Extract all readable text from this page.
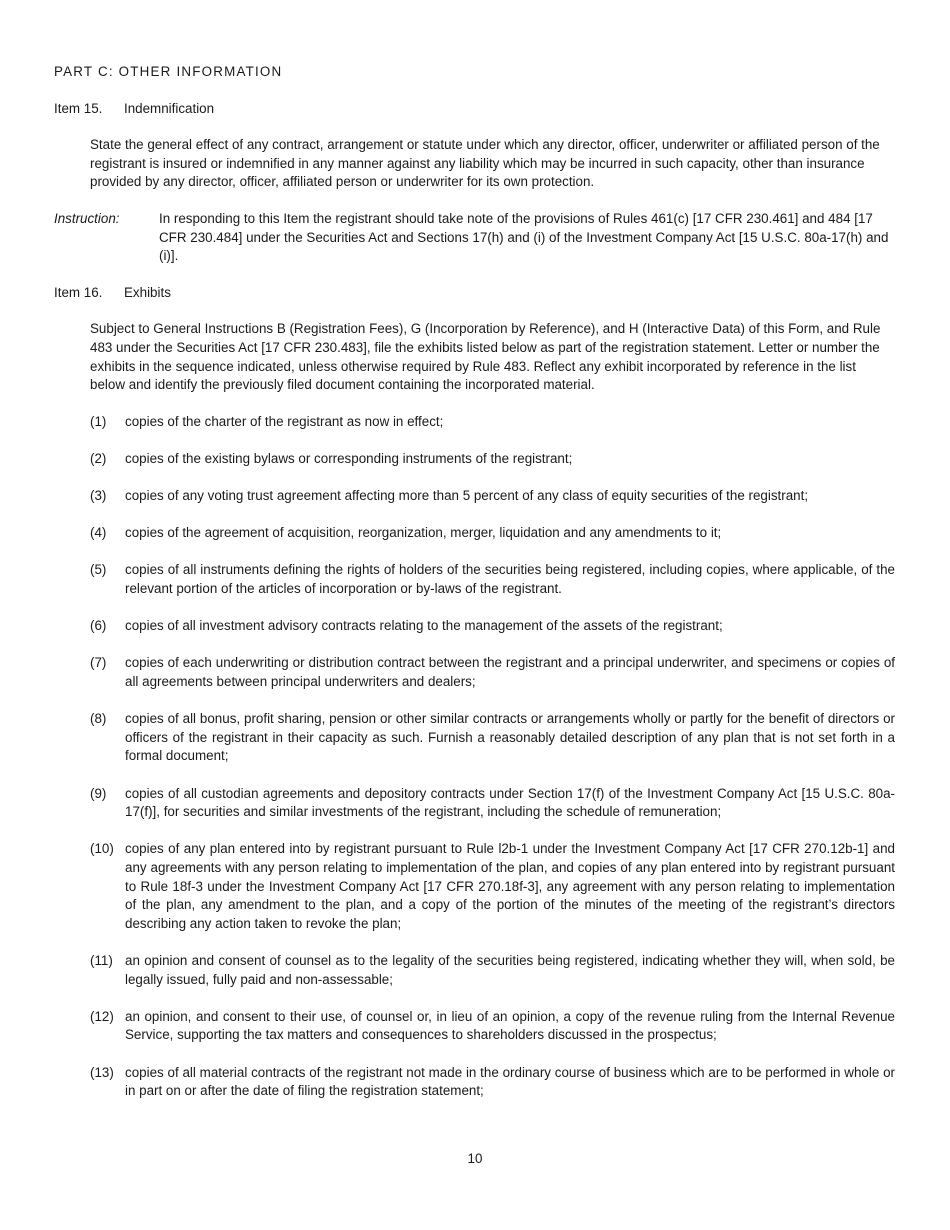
PART C: OTHER INFORMATION
Item 15. Indemnification
State the general effect of any contract, arrangement or statute under which any director, officer, underwriter or affiliated person of the registrant is insured or indemnified in any manner against any liability which may be incurred in such capacity, other than insurance provided by any director, officer, affiliated person or underwriter for its own protection.
Instruction:	In responding to this Item the registrant should take note of the provisions of Rules 461(c) [17 CFR 230.461] and 484 [17 CFR 230.484] under the Securities Act and Sections 17(h) and (i) of the Investment Company Act [15 U.S.C. 80a-17(h) and (i)].
Item 16. Exhibits
Subject to General Instructions B (Registration Fees), G (Incorporation by Reference), and H (Interactive Data) of this Form, and Rule 483 under the Securities Act [17 CFR 230.483], file the exhibits listed below as part of the registration statement. Letter or number the exhibits in the sequence indicated, unless otherwise required by Rule 483. Reflect any exhibit incorporated by reference in the list below and identify the previously filed document containing the incorporated material.
(1)	copies of the charter of the registrant as now in effect;
(2)	copies of the existing bylaws or corresponding instruments of the registrant;
(3)	copies of any voting trust agreement affecting more than 5 percent of any class of equity securities of the registrant;
(4)	copies of the agreement of acquisition, reorganization, merger, liquidation and any amendments to it;
(5)	copies of all instruments defining the rights of holders of the securities being registered, including copies, where applicable, of the relevant portion of the articles of incorporation or by-laws of the registrant.
(6)	copies of all investment advisory contracts relating to the management of the assets of the registrant;
(7)	copies of each underwriting or distribution contract between the registrant and a principal underwriter, and specimens or copies of all agreements between principal underwriters and dealers;
(8)	copies of all bonus, profit sharing, pension or other similar contracts or arrangements wholly or partly for the benefit of directors or officers of the registrant in their capacity as such. Furnish a reasonably detailed description of any plan that is not set forth in a formal document;
(9)	copies of all custodian agreements and depository contracts under Section 17(f) of the Investment Company Act [15 U.S.C. 80a-17(f)], for securities and similar investments of the registrant, including the schedule of remuneration;
(10) copies of any plan entered into by registrant pursuant to Rule l2b-1 under the Investment Company Act [17 CFR 270.12b-1] and any agreements with any person relating to implementation of the plan, and copies of any plan entered into by registrant pursuant to Rule 18f-3 under the Investment Company Act [17 CFR 270.18f-3], any agreement with any person relating to implementation of the plan, any amendment to the plan, and a copy of the portion of the minutes of the meeting of the registrant’s directors describing any action taken to revoke the plan;
(11) an opinion and consent of counsel as to the legality of the securities being registered, indicating whether they will, when sold, be legally issued, fully paid and non-assessable;
(12) an opinion, and consent to their use, of counsel or, in lieu of an opinion, a copy of the revenue ruling from the Internal Revenue Service, supporting the tax matters and consequences to shareholders discussed in the prospectus;
(13) copies of all material contracts of the registrant not made in the ordinary course of business which are to be performed in whole or in part on or after the date of filing the registration statement;
10
